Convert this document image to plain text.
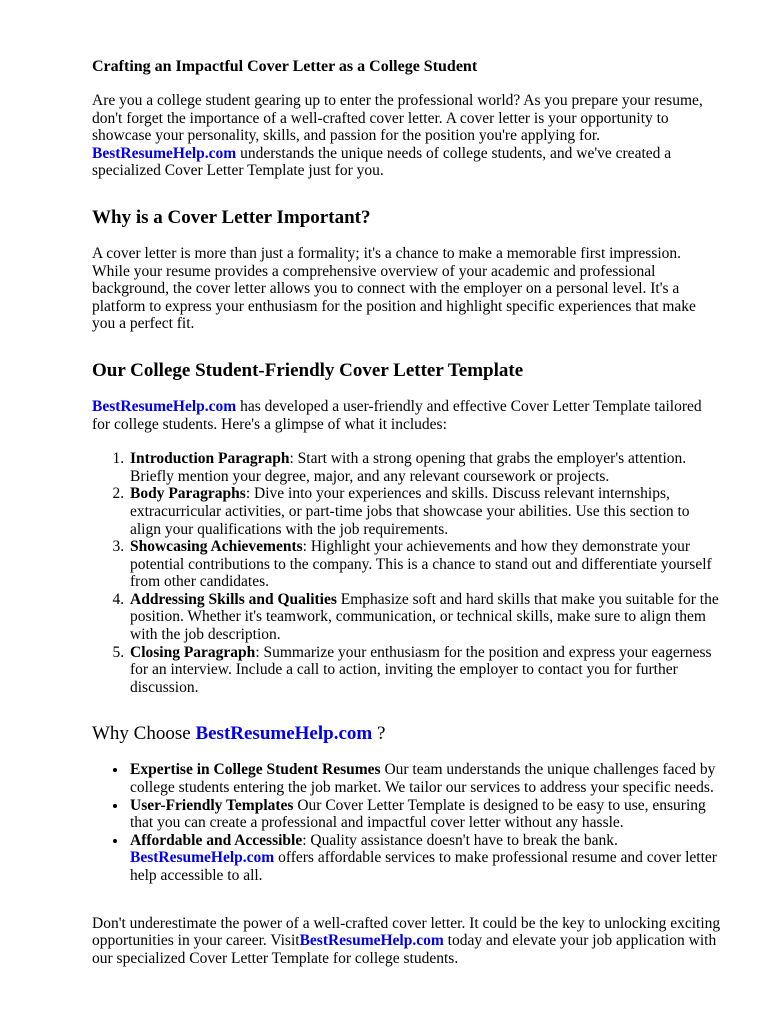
Crafting an Impactful Cover Letter as a College Student

Are you a college student gearing up to enter the professional world? As you prepare your resume, don't forget the importance of a well-crafted cover letter. A cover letter is your opportunity to showcase your personality, skills, and passion for the position you're applying for. BestResumeHelp.com understands the unique needs of college students, and we've created a specialized Cover Letter Template just for you.

Why is a Cover Letter Important?

A cover letter is more than just a formality; it's a chance to make a memorable first impression. While your resume provides a comprehensive overview of your academic and professional background, the cover letter allows you to connect with the employer on a personal level. It's a platform to express your enthusiasm for the position and highlight specific experiences that make you a perfect fit.

Our College Student-Friendly Cover Letter Template

BestResumeHelp.com has developed a user-friendly and effective Cover Letter Template tailored for college students. Here's a glimpse of what it includes:

1. Introduction Paragraph: Start with a strong opening that grabs the employer's attention. Briefly mention your degree, major, and any relevant coursework or projects.
2. Body Paragraphs: Dive into your experiences and skills. Discuss relevant internships, extracurricular activities, or part-time jobs that showcase your abilities. Use this section to align your qualifications with the job requirements.
3. Showcasing Achievements: Highlight your achievements and how they demonstrate your potential contributions to the company. This is a chance to stand out and differentiate yourself from other candidates.
4. Addressing Skills and Qualities Emphasize soft and hard skills that make you suitable for the position. Whether it's teamwork, communication, or technical skills, make sure to align them with the job description.
5. Closing Paragraph: Summarize your enthusiasm for the position and express your eagerness for an interview. Include a call to action, inviting the employer to contact you for further discussion.
Why Choose BestResumeHelp.com ?
• Expertise in College Student Resumes Our team understands the unique challenges faced by college students entering the job market. We tailor our services to address your specific needs.
• User-Friendly Templates Our Cover Letter Template is designed to be easy to use, ensuring that you can create a professional and impactful cover letter without any hassle.
• Affordable and Accessible: Quality assistance doesn't have to break the bank. BestResumeHelp.com offers affordable services to make professional resume and cover letter help accessible to all.

Don't underestimate the power of a well-crafted cover letter. It could be the key to unlocking exciting opportunities in your career. VisitBestResumeHelp.com today and elevate your job application with our specialized Cover Letter Template for college students.
